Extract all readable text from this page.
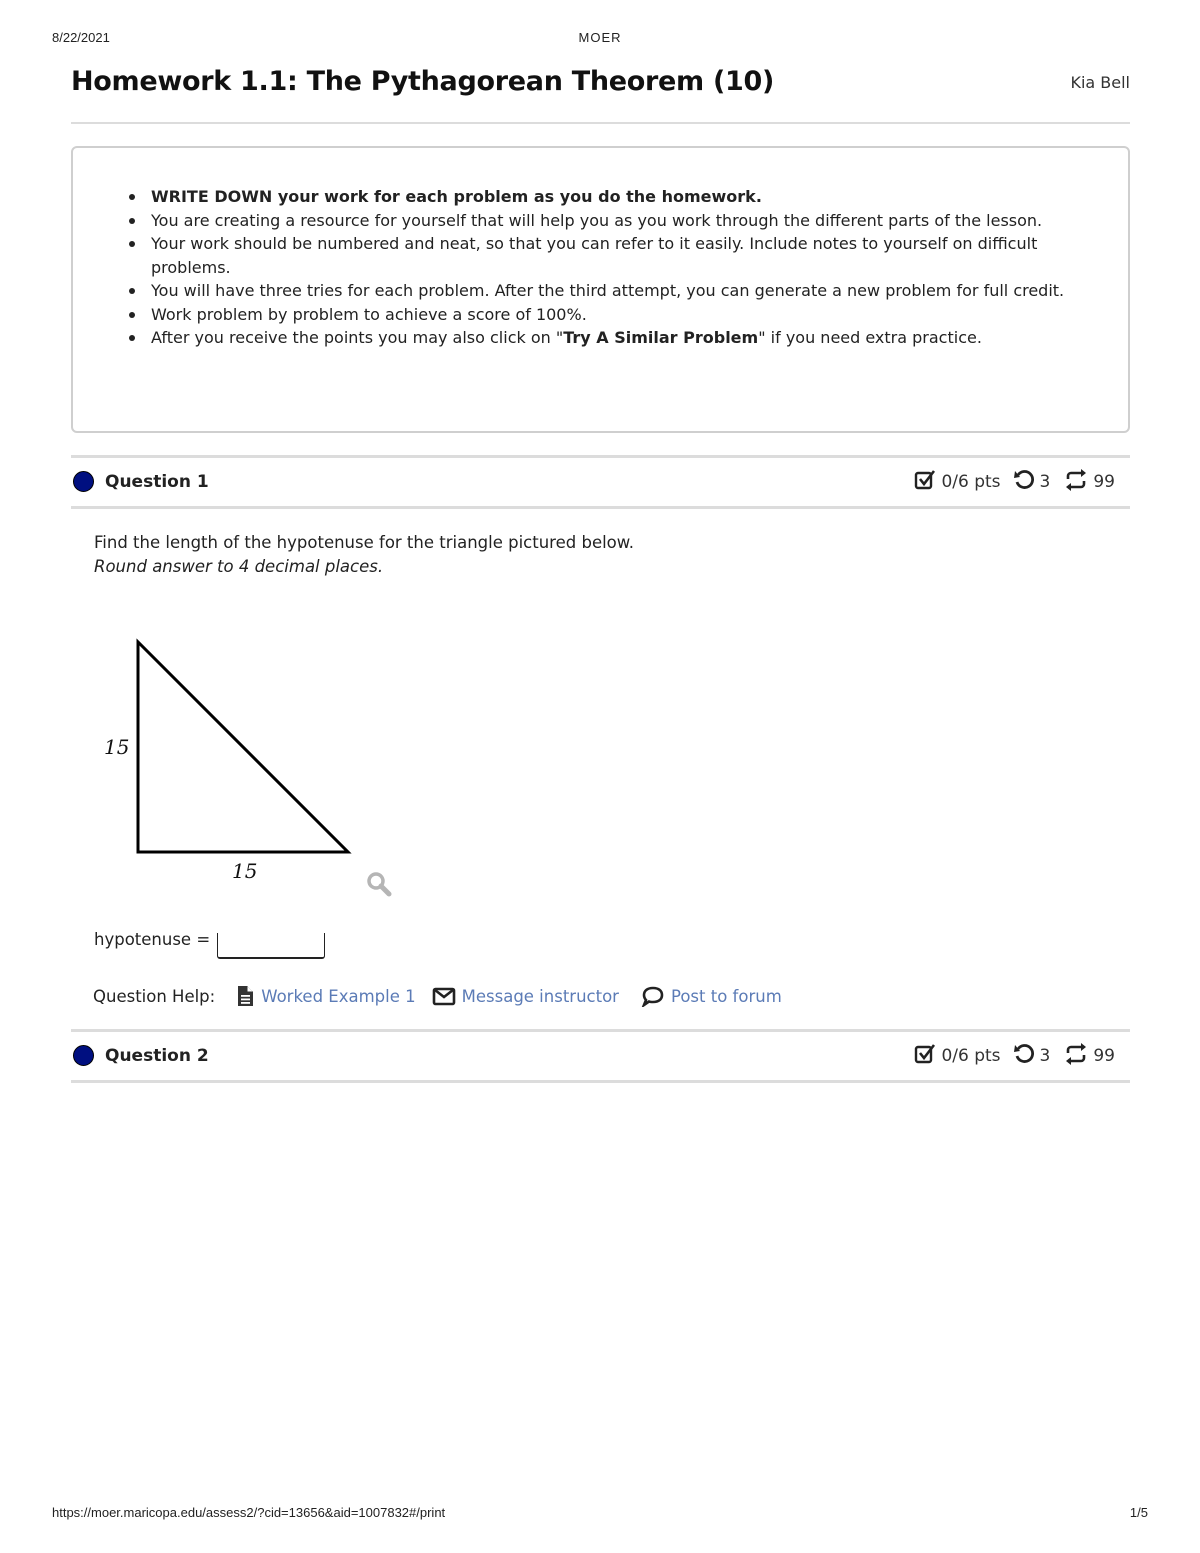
8/22/2021	MOER
Homework 1.1: The Pythagorean Theorem (10)	Kia Bell
WRITE DOWN your work for each problem as you do the homework.
You are creating a resource for yourself that will help you as you work through the different parts of the lesson.
Your work should be numbered and neat, so that you can refer to it easily. Include notes to yourself on difficult problems.
You will have three tries for each problem. After the third attempt, you can generate a new problem for full credit.
Work problem by problem to achieve a score of 100%.
After you receive the points you may also click on "Try A Similar Problem" if you need extra practice.
Question 1	0/6 pts 3	99
Find the length of the hypotenuse for the triangle pictured below.
Round answer to 4 decimal places.
15
15
hypotenuse =
Question Help:	Worked Example 1	Message instructor	Post to forum
Question 2	0/6 pts 3	99
https://moer.maricopa.edu/assess2/?cid=13656&aid=1007832#/print	1/5
